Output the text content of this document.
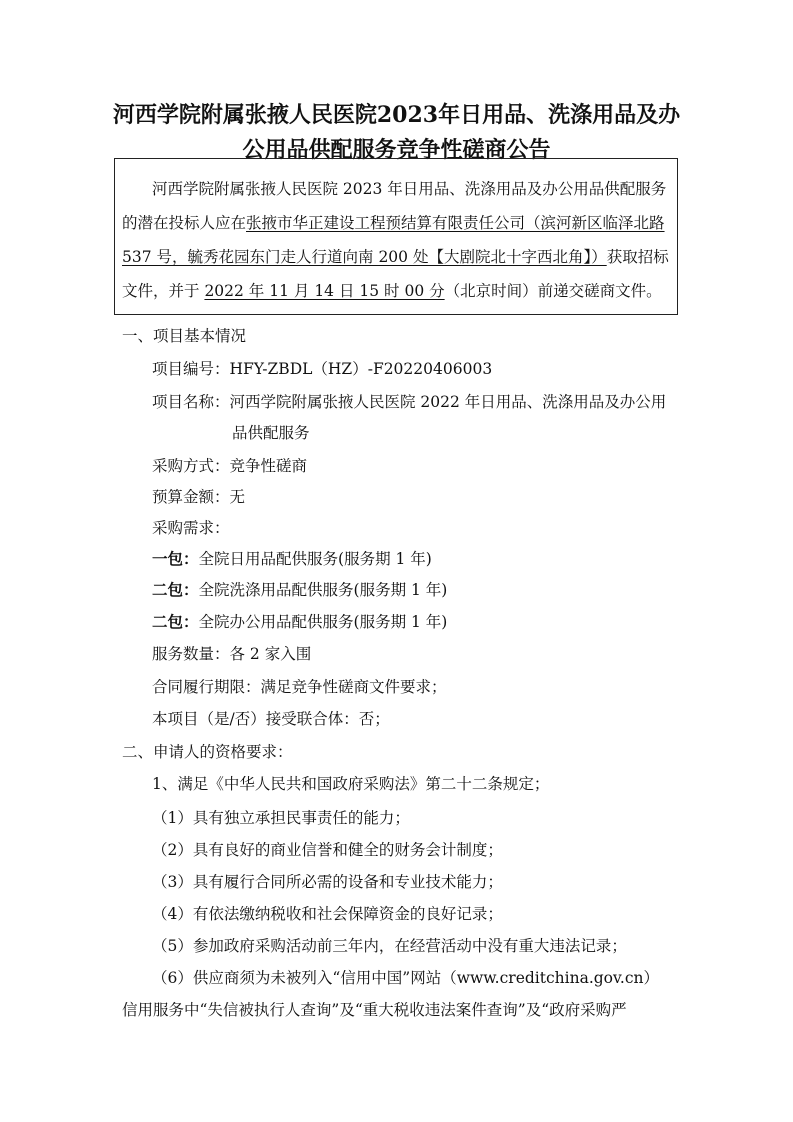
河西学院附属张掖人民医院2023年日用品、洗涤用品及办
公用品供配服务竞争性磋商公告
河西学院附属张掖人民医院 2023 年日用品、洗涤用品及办公用品供配服务
的潜在投标人应在张掖市华正建设工程预结算有限责任公司（滨河新区临泽北路
537 号，毓秀花园东门走人行道向南 200 处【大剧院北十字西北角】）获取招标
文件，并于 2022 年 11 月 14 日 15 时 00 分（北京时间）前递交磋商文件。
一、项目基本情况
项目编号：HFY-ZBDL（HZ）-F20220406003
项目名称：河西学院附属张掖人民医院 2022 年日用品、洗涤用品及办公用
品供配服务
采购方式：竞争性磋商
预算金额：无
采购需求：
一包：全院日用品配供服务(服务期 1 年)
二包：全院洗涤用品配供服务(服务期 1 年)
二包：全院办公用品配供服务(服务期 1 年)
服务数量：各 2 家入围
合同履行期限：满足竞争性磋商文件要求；
本项目（是/否）接受联合体：否；
二、申请人的资格要求：
1、满足《中华人民共和国政府采购法》第二十二条规定；
（1）具有独立承担民事责任的能力；
（2）具有良好的商业信誉和健全的财务会计制度；
（3）具有履行合同所必需的设备和专业技术能力；
（4）有依法缴纳税收和社会保障资金的良好记录；
（5）参加政府采购活动前三年内，在经营活动中没有重大违法记录；
（6）供应商须为未被列入“信用中国”网站（www.creditchina.gov.cn）
信用服务中“失信被执行人查询”及“重大税收违法案件查询”及“政府采购严
